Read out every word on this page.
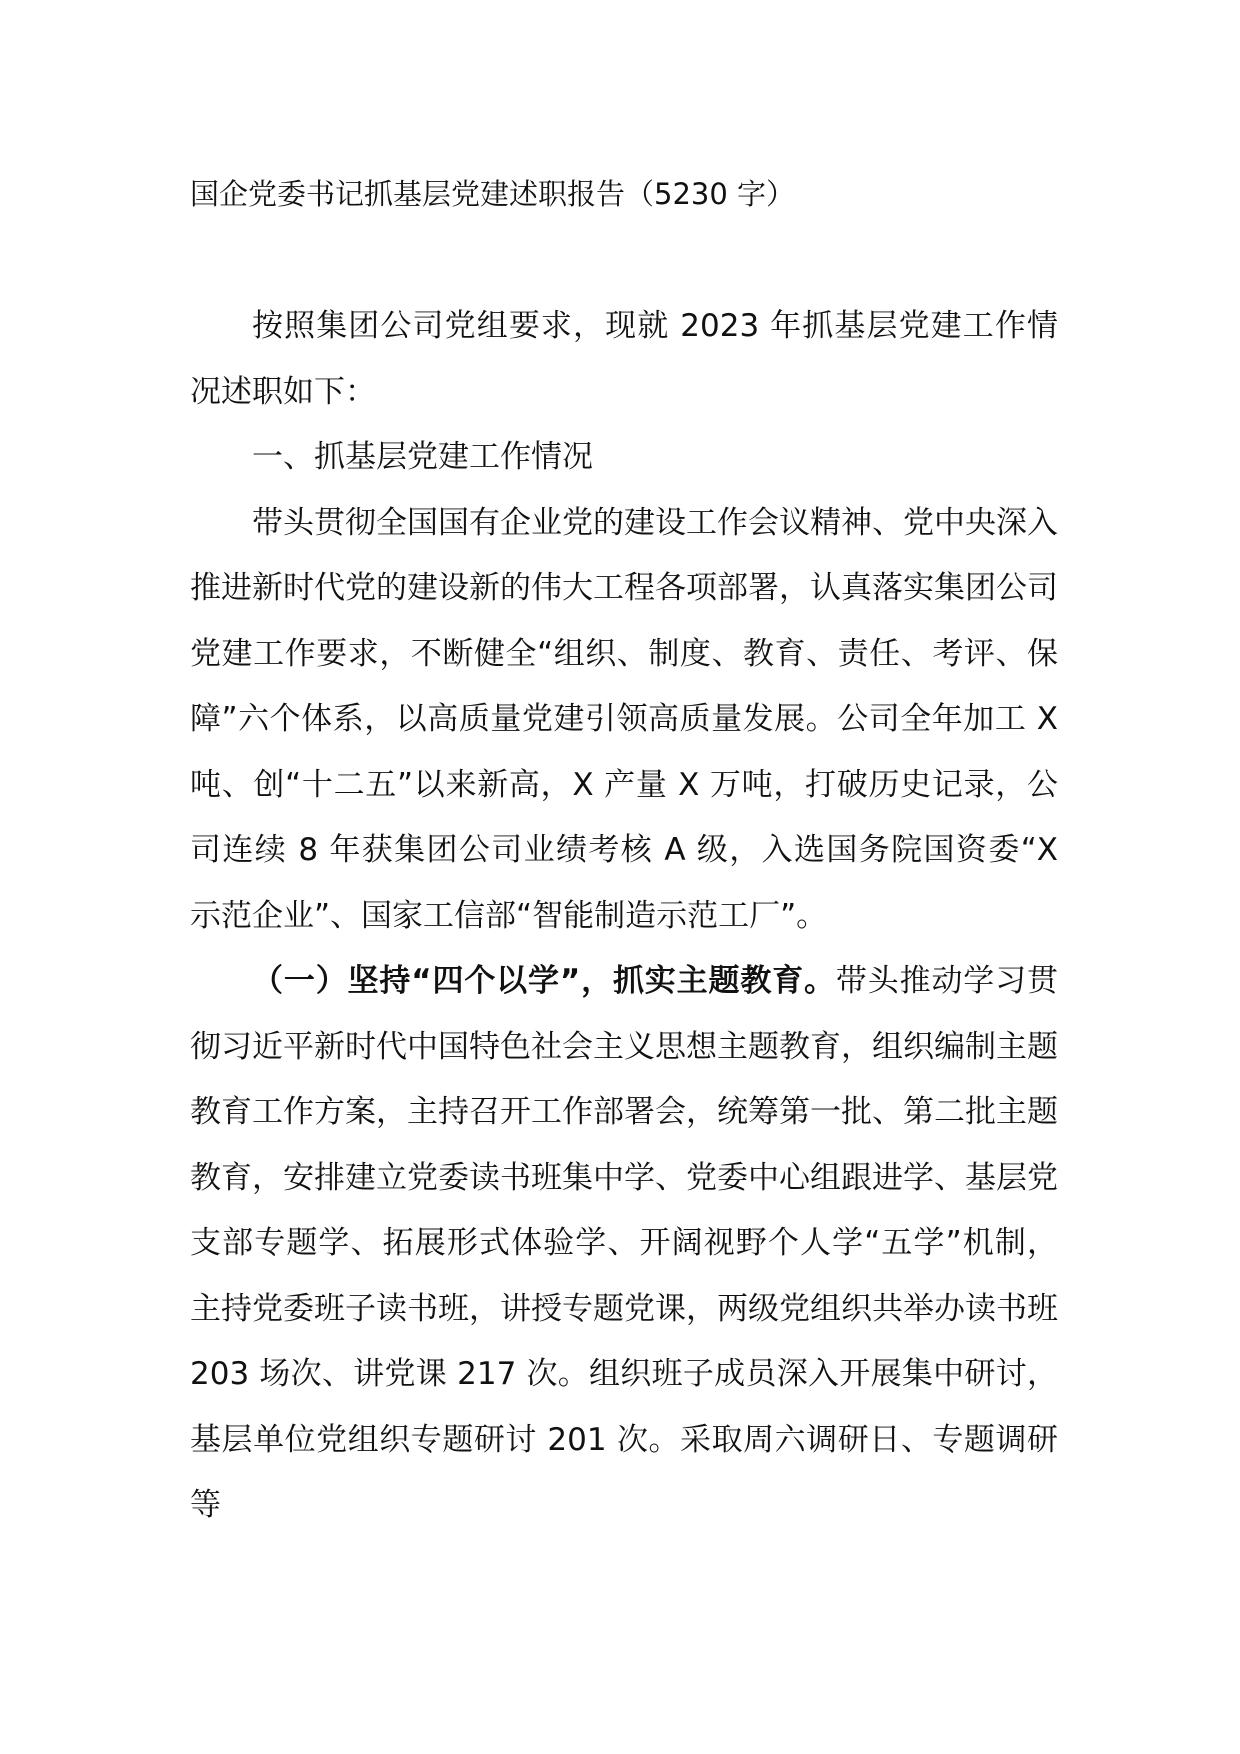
国企党委书记抓基层党建述职报告（5230 字）

按照集团公司党组要求，现就 2023 年抓基层党建工作情况述职如下：

一、抓基层党建工作情况

带头贯彻全国国有企业党的建设工作会议精神、党中央深入推进新时代党的建设新的伟大工程各项部署，认真落实集团公司党建工作要求，不断健全“组织、制度、教育、责任、考评、保障”六个体系，以高质量党建引领高质量发展。公司全年加工 X 吨、创“十二五”以来新高，X 产量 X 万吨，打破历史记录，公司连续 8 年获集团公司业绩考核 A 级，入选国务院国资委“X 示范企业”、国家工信部“智能制造示范工厂”。

（一）坚持“四个以学”，抓实主题教育。带头推动学习贯彻习近平新时代中国特色社会主义思想主题教育，组织编制主题教育工作方案，主持召开工作部署会，统筹第一批、第二批主题教育，安排建立党委读书班集中学、党委中心组跟进学、基层党支部专题学、拓展形式体验学、开阔视野个人学“五学”机制，主持党委班子读书班，讲授专题党课，两级党组织共举办读书班 203 场次、讲党课 217 次。组织班子成员深入开展集中研讨，基层单位党组织专题研讨 201 次。采取周六调研日、专题调研等
